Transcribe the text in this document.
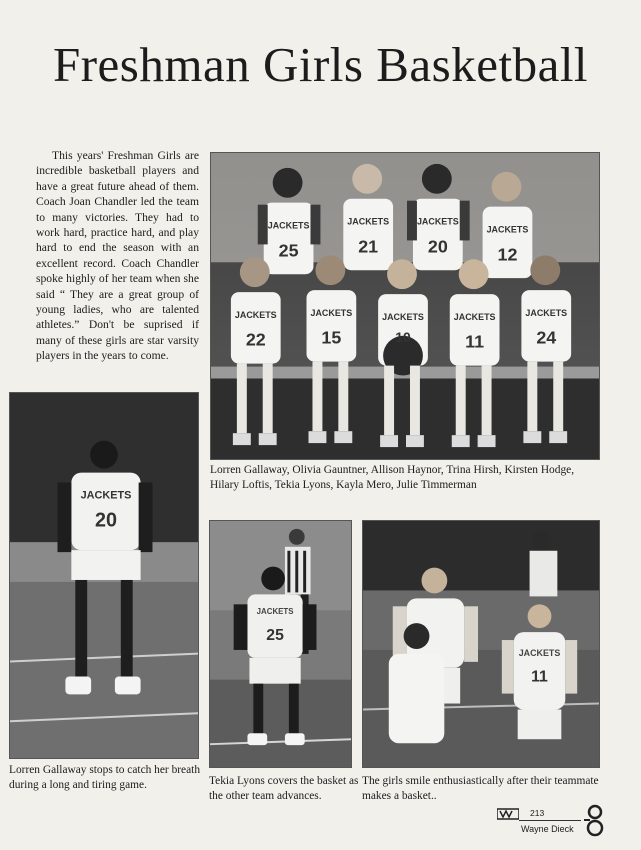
Freshman Girls Basketball
This years' Freshman Girls are incredible basketball players and have a great future ahead of them. Coach Joan Chandler led the team to many victories. They had to work hard, practice hard, and play hard to end the season with an excellent record. Coach Chandler spoke highly of her team when she said “ They are a great group of young ladies, who are talented athletes.” Don't be suprised if many of these girls are star varsity players in the years to come.
JACKETS
25
JACKETS
21
JACKETS
20
JACKETS
12
JACKETS
22
JACKETS
15
JACKETS
10
JACKETS
11
JACKETS
24
Lorren Gallaway, Olivia Gauntner, Allison Haynor, Trina Hirsh, Kirsten Hodge, Hilary Loftis, Tekia Lyons, Kayla Mero, Julie Timmerman
JACKETS
20
Lorren Gallaway stops to catch her breath during a long and tiring game.
JACKETS
25
Tekia Lyons covers the basket as the other team advances.
JACKETS
11
The girls smile enthusiastically after their teammate makes a basket..
213
Wayne Dieck
